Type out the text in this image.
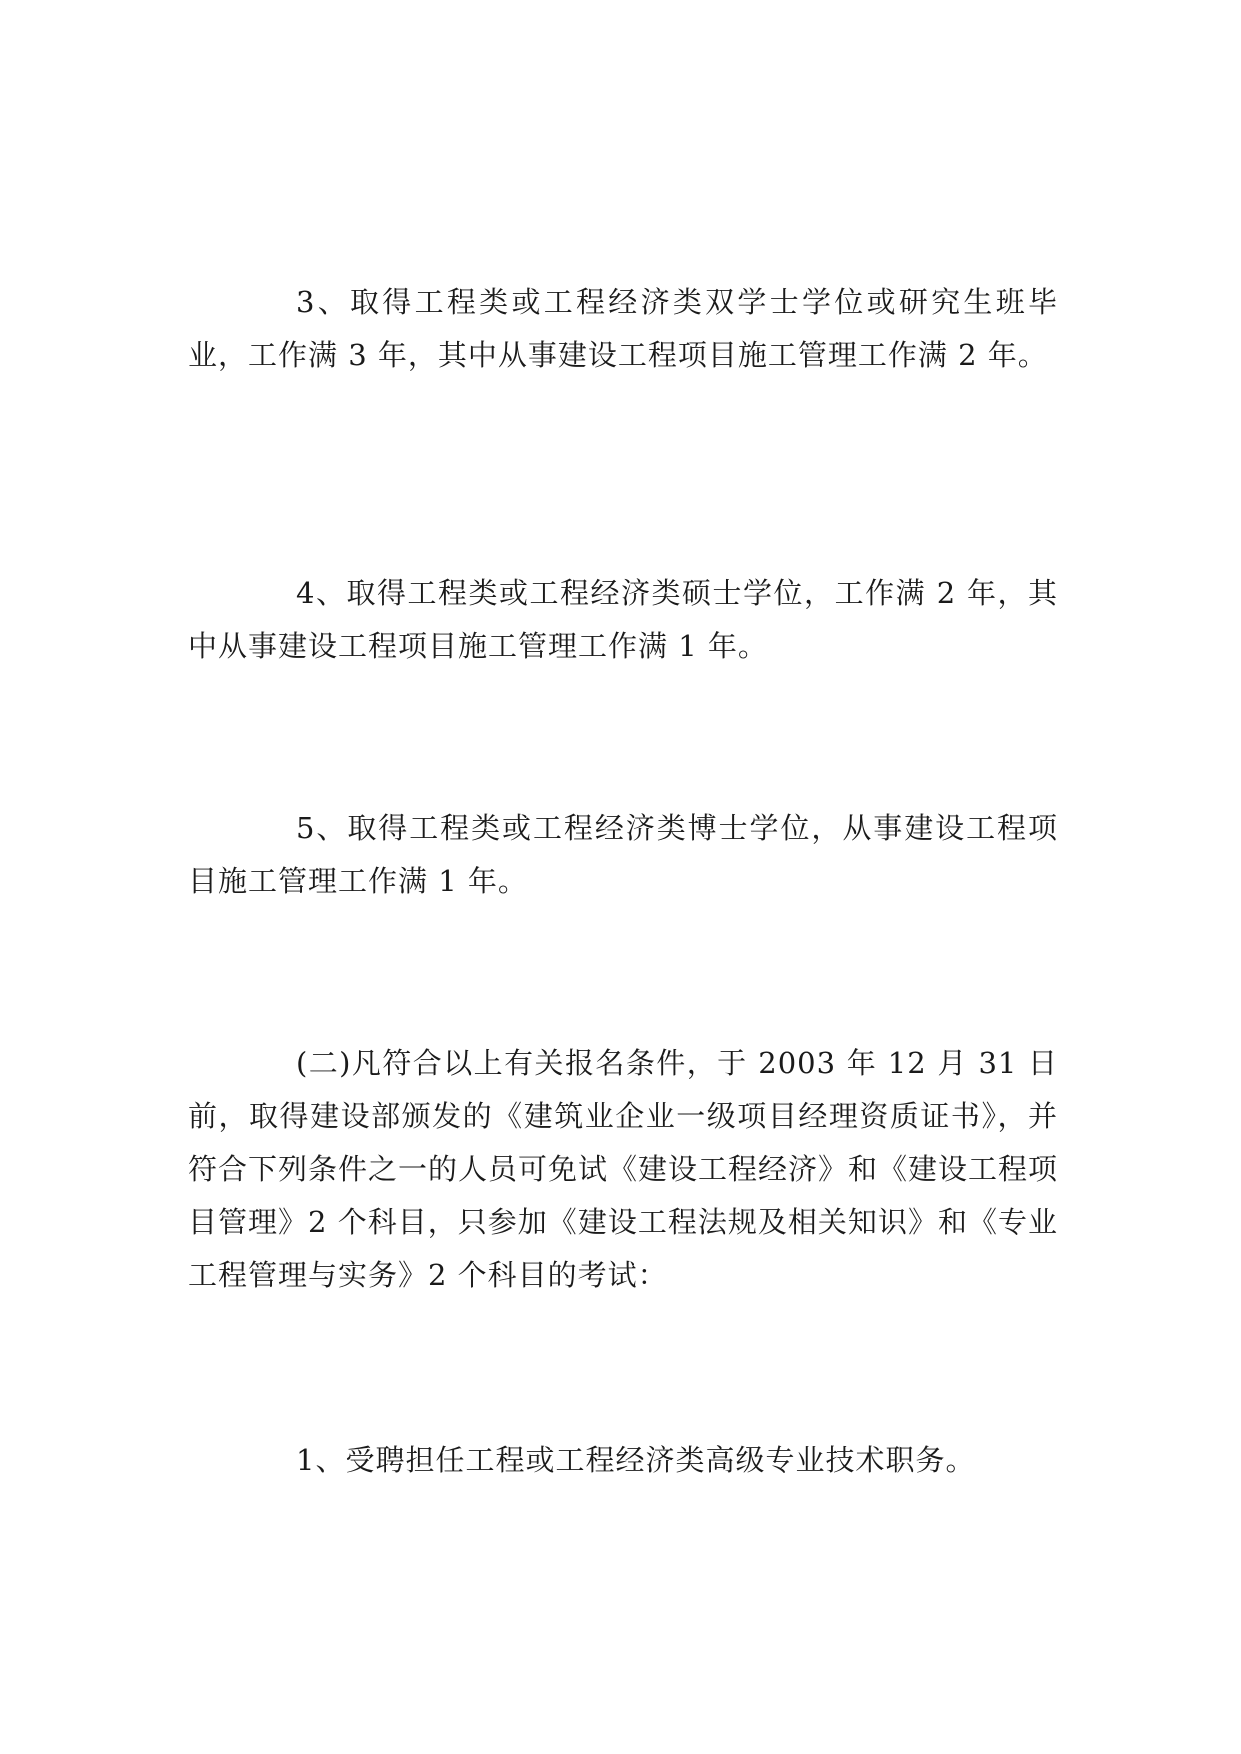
3、取得工程类或工程经济类双学士学位或研究生班毕业，工作满 3 年，其中从事建设工程项目施工管理工作满 2 年。

4、取得工程类或工程经济类硕士学位，工作满 2 年，其中从事建设工程项目施工管理工作满 1 年。

5、取得工程类或工程经济类博士学位，从事建设工程项目施工管理工作满 1 年。

(二)凡符合以上有关报名条件，于 2003 年 12 月 31 日前，取得建设部颁发的《建筑业企业一级项目经理资质证书》，并符合下列条件之一的人员可免试《建设工程经济》和《建设工程项目管理》2 个科目，只参加《建设工程法规及相关知识》和《专业工程管理与实务》2 个科目的考试：

1、受聘担任工程或工程经济类高级专业技术职务。
